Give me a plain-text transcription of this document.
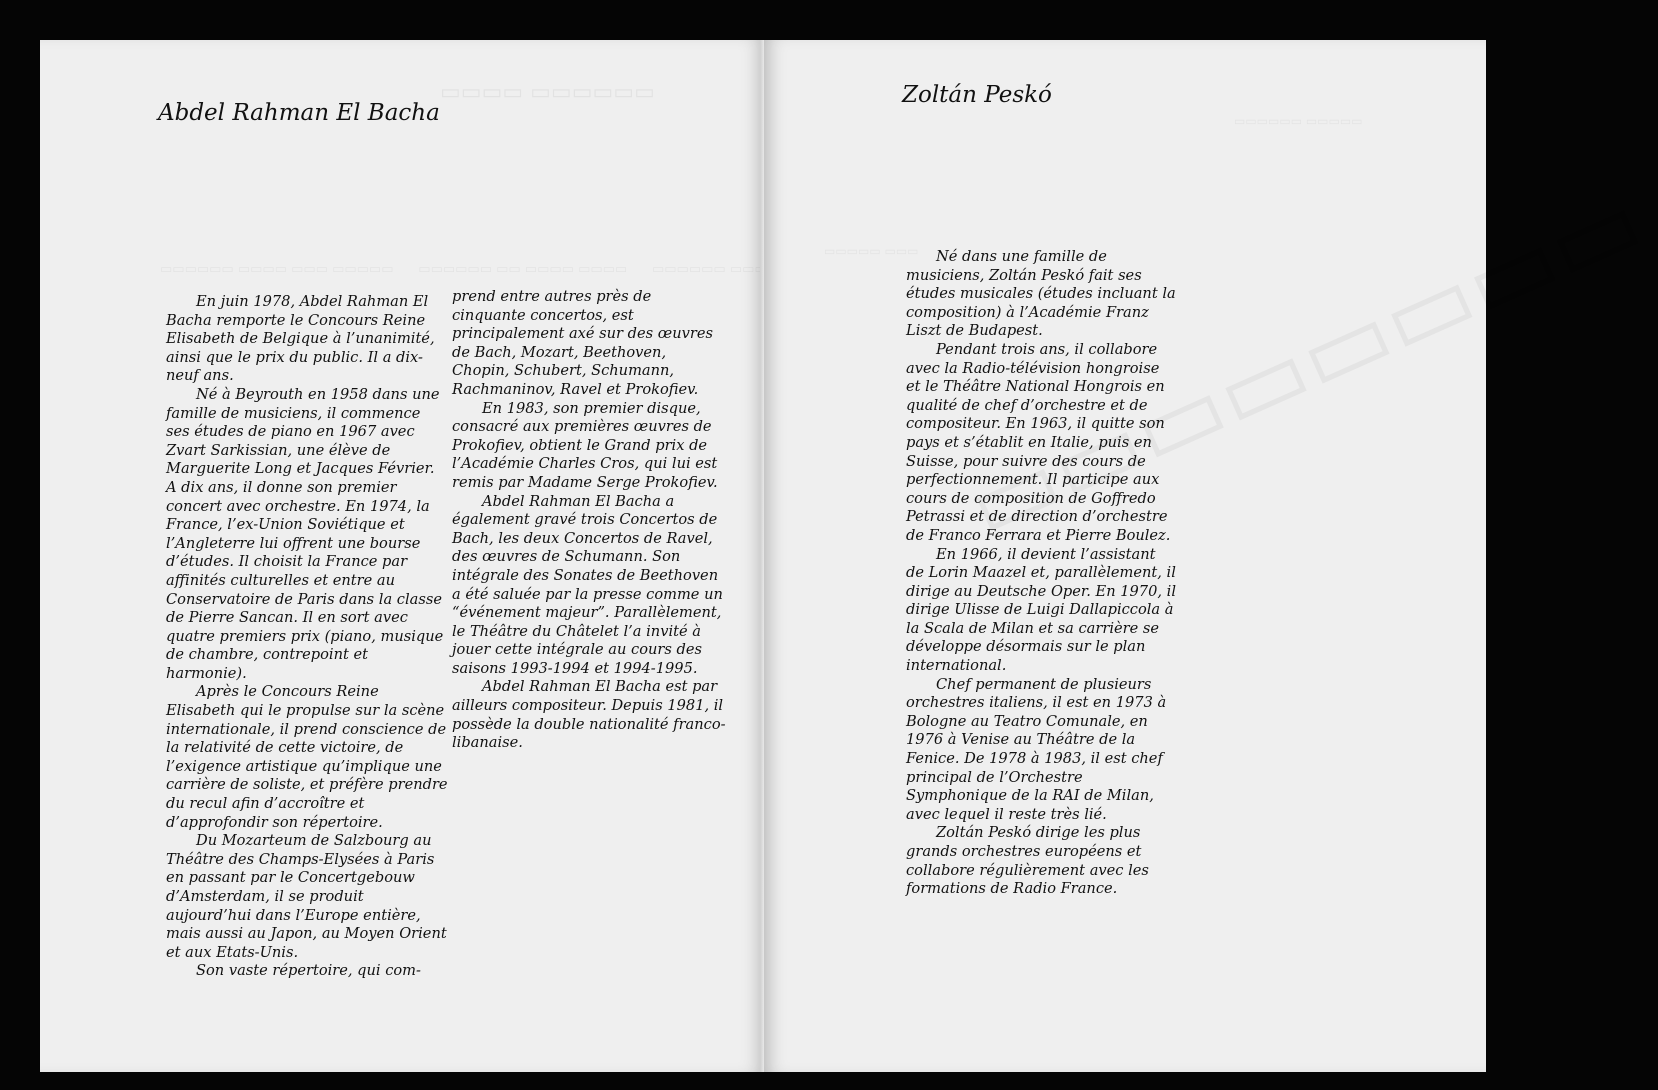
▭▭▭▭ ▭▭▭▭▭▭
▭▭▭▭▭▭ ▭▭▭▭ ▭▭▭ ▭▭▭▭▭      ▭▭▭▭▭▭ ▭▭ ▭▭▭▭ ▭▭▭▭      ▭▭▭▭▭▭ ▭▭▭▭ ▭▭▭ ▭▭▭▭
Abdel Rahman El Bacha

En juin 1978, Abdel Rahman El Bacha remporte le Concours Reine Elisabeth de Belgique à l’unanimité, ainsi que le prix du public. Il a dix-neuf ans.

Né à Beyrouth en 1958 dans une famille de musiciens, il commence ses études de piano en 1967 avec Zvart Sarkissian, une élève de Marguerite Long et Jacques Février. A dix ans, il donne son premier concert avec orchestre. En 1974, la France, l’ex-Union Soviétique et l’Angleterre lui offrent une bourse d’études. Il choisit la France par affinités culturelles et entre au Conservatoire de Paris dans la classe de Pierre Sancan. Il en sort avec quatre premiers prix (piano, musique de chambre, contrepoint et harmonie).

Après le Concours Reine Elisabeth qui le propulse sur la scène internationale, il prend conscience de la relativité de cette victoire, de l’exigence artistique qu’implique une carrière de soliste, et préfère prendre du recul afin d’accroître et d’approfondir son répertoire.

Du Mozarteum de Salzbourg au Théâtre des Champs-Elysées à Paris en passant par le Concertgebouw d’Amsterdam, il se produit aujourd’hui dans l’Europe entière, mais aussi au Japon, au Moyen Orient et aux Etats-Unis.

Son vaste répertoire, qui com-

prend entre autres près de cinquante concertos, est principalement axé sur des œuvres de Bach, Mozart, Beethoven, Chopin, Schubert, Schumann, Rachmaninov, Ravel et Prokofiev.

En 1983, son premier disque, consacré aux premières œuvres de Prokofiev, obtient le Grand prix de l’Académie Charles Cros, qui lui est remis par Madame Serge Prokofiev.

Abdel Rahman El Bacha a également gravé trois Concertos de Bach, les deux Concertos de Ravel, des œuvres de Schumann. Son intégrale des Sonates de Beethoven a été saluée par la presse comme un “événement majeur”. Parallèlement, le Théâtre du Châtelet l’a invité à jouer cette intégrale au cours des saisons 1993-1994 et 1994-1995.

Abdel Rahman El Bacha est par ailleurs compositeur. Depuis 1981, il possède la double nationalité franco-libanaise.

▭▭▭▭▭▭ ▭▭▭▭▭
▭▭▭▭▭ ▭▭▭
Zoltán Peskó

Né dans une famille de musiciens, Zoltán Peskó fait ses études musicales (études incluant la composition) à l’Académie Franz Liszt de Budapest.

Pendant trois ans, il collabore avec la Radio-télévision hongroise et le Théâtre National Hongrois en qualité de chef d’orchestre et de compositeur. En 1963, il quitte son pays et s’établit en Italie, puis en Suisse, pour suivre des cours de perfectionnement. Il participe aux cours de composition de Goffredo Petrassi et de direction d’orchestre de Franco Ferrara et Pierre Boulez.

En 1966, il devient l’assistant de Lorin Maazel et, parallèlement, il dirige au Deutsche Oper. En 1970, il dirige Ulisse de Luigi Dallapiccola à la Scala de Milan et sa carrière se développe désormais sur le plan international.

Chef permanent de plusieurs orchestres italiens, il est en 1973 à Bologne au Teatro Comunale, en 1976 à Venise au Théâtre de la Fenice. De 1978 à 1983, il est chef principal de l’Orchestre Symphonique de la RAI de Milan, avec lequel il reste très lié.

Zoltán Peskó dirige les plus grands orchestres européens et collabore régulièrement avec les formations de Radio France.
